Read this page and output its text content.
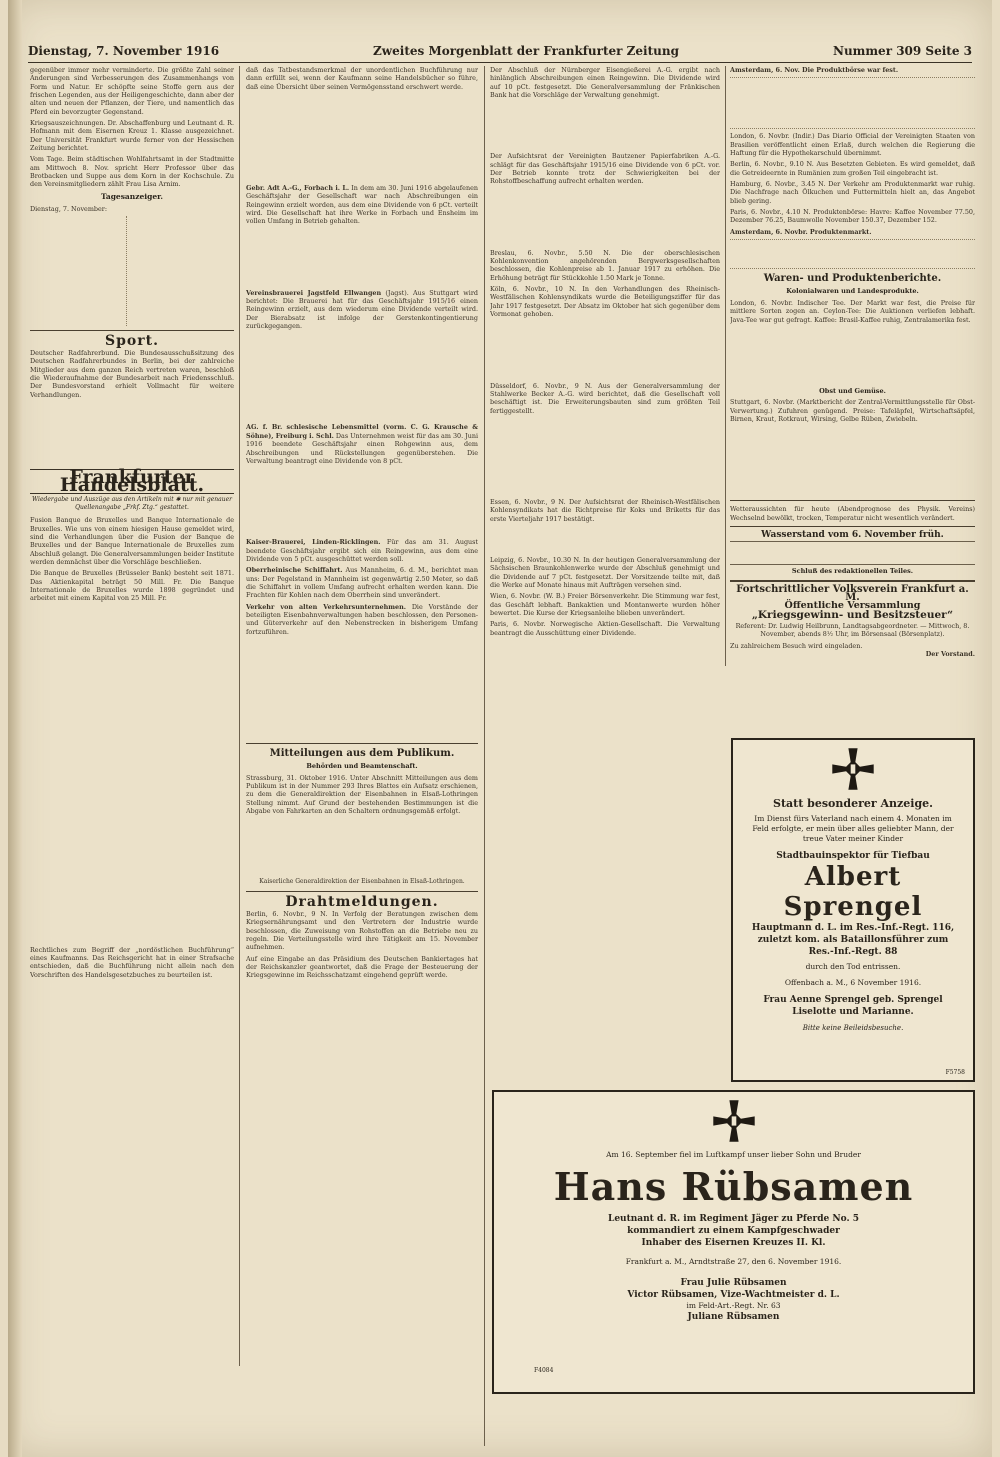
Dienstag, 7. November 1916	Zweites Morgenblatt der Frankfurter Zeitung	Nummer 309 Seite 3

gegenüber immer mehr verminderte. Die größte Zahl seiner Anderungen sind Verbesserungen des Zusammenhangs von Form und Natur. Er schöpfte seine Stoffe gern aus der frischen Legenden, aus der Heiligengeschichte, dann aber der alten und neuen der Pflanzen, der Tiere, und namentlich das Pferd ein bevorzugter Gegenstand.

Kriegsauszeichnungen. Dr. Abschaffenburg und Leutnant d. R. Hofmann mit dem Eisernen Kreuz 1. Klasse ausgezeichnet. Der Universität Frankfurt wurde ferner von der Hessischen Zeitung berichtet.

Vom Tage. Beim städtischen Wohlfahrtsamt in der Stadtmitte am Mittwoch 8. Nov. spricht Herr Professor über das Brotbacken und Suppe aus dem Korn in der Kochschule. Zu den Vereinsmitgliedern zählt Frau Lisa Arnim.

Tagesanzeiger.

Dienstag, 7. November:

Sport.

Deutscher Radfahrerbund. Die Bundesausschußsitzung des Deutschen Radfahrerbundes in Berlin, bei der zahlreiche Mitglieder aus dem ganzen Reich vertreten waren, beschloß die Wiederaufnahme der Bundesarbeit nach Friedensschluß. Der Bundesvorstand erhielt Vollmacht für weitere Verhandlungen.

Frankfurter Handelsblatt.
Wiedergabe und Auszüge aus den Artikeln mit ✱ nur mit genauer Quellenangabe „Frkf. Ztg.“ gestattet.

Fusion Banque de Bruxelles und Banque Internationale de Bruxelles. Wie uns von einem hiesigen Hause gemeldet wird, sind die Verhandlungen über die Fusion der Banque de Bruxelles und der Banque Internationale de Bruxelles zum Abschluß gelangt. Die Generalversammlungen beider Institute werden demnächst über die Vorschläge beschließen.

Die Banque de Bruxelles (Brüsseler Bank) besteht seit 1871. Das Aktienkapital beträgt 50 Mill. Fr. Die Banque Internationale de Bruxelles wurde 1898 gegründet und arbeitet mit einem Kapital von 25 Mill. Fr.

Rechtliches zum Begriff der „nordöstlichen Buchführung“ eines Kaufmanns. Das Reichsgericht hat in einer Strafsache entschieden, daß die Buchführung nicht allein nach den Vorschriften des Handelsgesetzbuches zu beurteilen ist.

daß das Tatbestandsmerkmal der unordentlichen Buchführung nur dann erfüllt sei, wenn der Kaufmann seine Handelsbücher so führe, daß eine Übersicht über seinen Vermögensstand erschwert werde.

Gebr. Adt A.-G., Forbach i. L. In dem am 30. Juni 1916 abgelaufenen Geschäftsjahr der Gesellschaft war nach Abschreibungen ein Reingewinn erzielt worden, aus dem eine Dividende von 6 pCt. verteilt wird. Die Gesellschaft hat ihre Werke in Forbach und Ensheim im vollen Umfang in Betrieb gehalten.

Vereinsbrauerei Jagstfeld Ellwangen (Jagst). Aus Stuttgart wird berichtet: Die Brauerei hat für das Geschäftsjahr 1915/16 einen Reingewinn erzielt, aus dem wiederum eine Dividende verteilt wird. Der Bierabsatz ist infolge der Gerstenkontingentierung zurückgegangen.

AG. f. Br. schlesische Lebensmittel (vorm. C. G. Krausche & Söhne), Freiburg i. Schl. Das Unternehmen weist für das am 30. Juni 1916 beendete Geschäftsjahr einen Rohgewinn aus, dem Abschreibungen und Rückstellungen gegenüberstehen. Die Verwaltung beantragt eine Dividende von 8 pCt.

Kaiser-Brauerei, Linden-Ricklingen. Für das am 31. August beendete Geschäftsjahr ergibt sich ein Reingewinn, aus dem eine Dividende von 5 pCt. ausgeschüttet werden soll.

Oberrheinische Schiffahrt. Aus Mannheim, 6. d. M., berichtet man uns: Der Pegelstand in Mannheim ist gegenwärtig 2.50 Meter, so daß die Schiffahrt in vollem Umfang aufrecht erhalten werden kann. Die Frachten für Kohlen nach dem Oberrhein sind unverändert.

Verkehr von alten Verkehrsunternehmen. Die Vorstände der beteiligten Eisenbahnverwaltungen haben beschlossen, den Personen- und Güterverkehr auf den Nebenstrecken in bisherigem Umfang fortzuführen.

Mitteilungen aus dem Publikum.
Behörden und Beamtenschaft.

Strassburg, 31. Oktober 1916. Unter Abschnitt Mitteilungen aus dem Publikum ist in der Nummer 293 Ihres Blattes ein Aufsatz erschienen, zu dem die Generaldirektion der Eisenbahnen in Elsaß-Lothringen Stellung nimmt. Auf Grund der bestehenden Bestimmungen ist die Abgabe von Fahrkarten an den Schaltern ordnungsgemäß erfolgt.

Kaiserliche Generaldirektion der Eisenbahnen in Elsaß-Lothringen.

Drahtmeldungen.

Berlin, 6. Novbr., 9 N. In Verfolg der Beratungen zwischen dem Kriegsernährungsamt und den Vertretern der Industrie wurde beschlossen, die Zuweisung von Rohstoffen an die Betriebe neu zu regeln. Die Verteilungsstelle wird ihre Tätigkeit am 15. November aufnehmen.

Auf eine Eingabe an das Präsidium des Deutschen Bankiertages hat der Reichskanzler geantwortet, daß die Frage der Besteuerung der Kriegsgewinne im Reichsschatzamt eingehend geprüft werde.

Der Abschluß der Nürnberger Eisengießerei A.-G. ergibt nach hinlänglich Abschreibungen einen Reingewinn. Die Dividende wird auf 10 pCt. festgesetzt. Die Generalversammlung der Fränkischen Bank hat die Vorschläge der Verwaltung genehmigt.

Der Aufsichtsrat der Vereinigten Bautzener Papierfabriken A.-G. schlägt für das Geschäftsjahr 1915/16 eine Dividende von 6 pCt. vor. Der Betrieb konnte trotz der Schwierigkeiten bei der Rohstoffbeschaffung aufrecht erhalten werden.

Breslau, 6. Novbr., 5.50 N. Die der oberschlesischen Kohlenkonvention angehörenden Bergwerksgesellschaften beschlossen, die Kohlenpreise ab 1. Januar 1917 zu erhöhen. Die Erhöhung beträgt für Stückkohle 1.50 Mark je Tonne.

Köln, 6. Novbr., 10 N. In den Verhandlungen des Rheinisch-Westfälischen Kohlensyndikats wurde die Beteiligungsziffer für das Jahr 1917 festgesetzt. Der Absatz im Oktober hat sich gegenüber dem Vormonat gehoben.

Düsseldorf, 6. Novbr., 9 N. Aus der Generalversammlung der Stahlwerke Becker A.-G. wird berichtet, daß die Gesellschaft voll beschäftigt ist. Die Erweiterungsbauten sind zum größten Teil fertiggestellt.

Essen, 6. Novbr., 9 N. Der Aufsichtsrat der Rheinisch-Westfälischen Kohlensyndikats hat die Richtpreise für Koks und Briketts für das erste Vierteljahr 1917 bestätigt.

Leipzig, 6. Novbr., 10.30 N. In der heutigen Generalversammlung der Sächsischen Braunkohlenwerke wurde der Abschluß genehmigt und die Dividende auf 7 pCt. festgesetzt. Der Vorsitzende teilte mit, daß die Werke auf Monate hinaus mit Aufträgen versehen sind.

Wien, 6. Novbr. (W. B.) Freier Börsenverkehr. Die Stimmung war fest, das Geschäft lebhaft. Bankaktien und Montanwerte wurden höher bewertet. Die Kurse der Kriegsanleihe blieben unverändert.

Paris, 6. Novbr. Norwegische Aktien-Gesellschaft. Die Verwaltung beantragt die Ausschüttung einer Dividende.

Amsterdam, 6. Nov. Die Produktbörse war fest.

London, 6. Novbr. (Indir.) Das Diario Official der Vereinigten Staaten von Brasilien veröffentlicht einen Erlaß, durch welchen die Regierung die Haftung für die Hypothekarschuld übernimmt.

Berlin, 6. Novbr., 9.10 N. Aus Besetzten Gebieten. Es wird gemeldet, daß die Getreideernte in Rumänien zum großen Teil eingebracht ist.

Hamburg, 6. Novbr., 3.45 N. Der Verkehr am Produktenmarkt war ruhig. Die Nachfrage nach Ölkuchen und Futtermitteln hielt an, das Angebot blieb gering.

Paris, 6. Novbr., 4.10 N. Produktenbörse: Havre: Kaffee November 77.50, Dezember 76.25, Baumwolle November 150.37, Dezember 152.

Amsterdam, 6. Novbr. Produktenmarkt.

Waren- und Produktenberichte.
Kolonialwaren und Landesprodukte.

London, 6. Novbr. Indischer Tee. Der Markt war fest, die Preise für mittlere Sorten zogen an. Ceylon-Tee: Die Auktionen verliefen lebhaft. Java-Tee war gut gefragt. Kaffee: Brasil-Kaffee ruhig, Zentralamerika fest.

Obst und Gemüse.

Stuttgart, 6. Novbr. (Marktbericht der Zentral-Vermittlungsstelle für Obst-Verwertung.) Zufuhren genügend. Preise: Tafeläpfel, Wirtschaftsäpfel, Birnen, Kraut, Rotkraut, Wirsing, Gelbe Rüben, Zwiebeln.

Wetteraussichten für heute (Abendprognose des Physik. Vereins) Wechselnd bewölkt, trocken, Temperatur nicht wesentlich verändert.

Wasserstand vom 6. November früh.
Schluß des redaktionellen Teiles.
Fortschrittlicher Volksverein Frankfurt a. M.
Öffentliche Versammlung
„Kriegsgewinn- und Besitzsteuer“

Referent: Dr. Ludwig Heilbrunn, Landtagsabgeordneter. — Mittwoch, 8. November, abends 8½ Uhr, im Börsensaal (Börsenplatz).

Zu zahlreichem Besuch wird eingeladen.

Der Vorstand.

Statt besonderer Anzeige.
Im Dienst fürs Vaterland nach einem 4. Monaten im Feld erfolgte, er mein über alles geliebter Mann, der treue Vater meiner Kinder
Stadtbauinspektor für Tiefbau
Albert Sprengel
Hauptmann d. L. im Res.-Inf.-Regt. 116,
zuletzt kom. als Bataillonsführer zum
Res.-Inf.-Regt. 88
durch den Tod entrissen.
Offenbach a. M., 6 November 1916.
Frau Aenne Sprengel geb. Sprengel
Liselotte und Marianne.
Bitte keine Beileidsbesuche.
F5758
Am 16. September fiel im Luftkampf unser lieber Sohn und Bruder
Hans Rübsamen
Leutnant d. R. im Regiment Jäger zu Pferde No. 5
kommandiert zu einem Kampfgeschwader
Inhaber des Eisernen Kreuzes II. Kl.
Frankfurt a. M., Arndtstraße 27, den 6. November 1916.
Frau Julie Rübsamen
Victor Rübsamen, Vize-Wachtmeister d. L.
im Feld-Art.-Regt. Nr. 63
Juliane Rübsamen
F4084
